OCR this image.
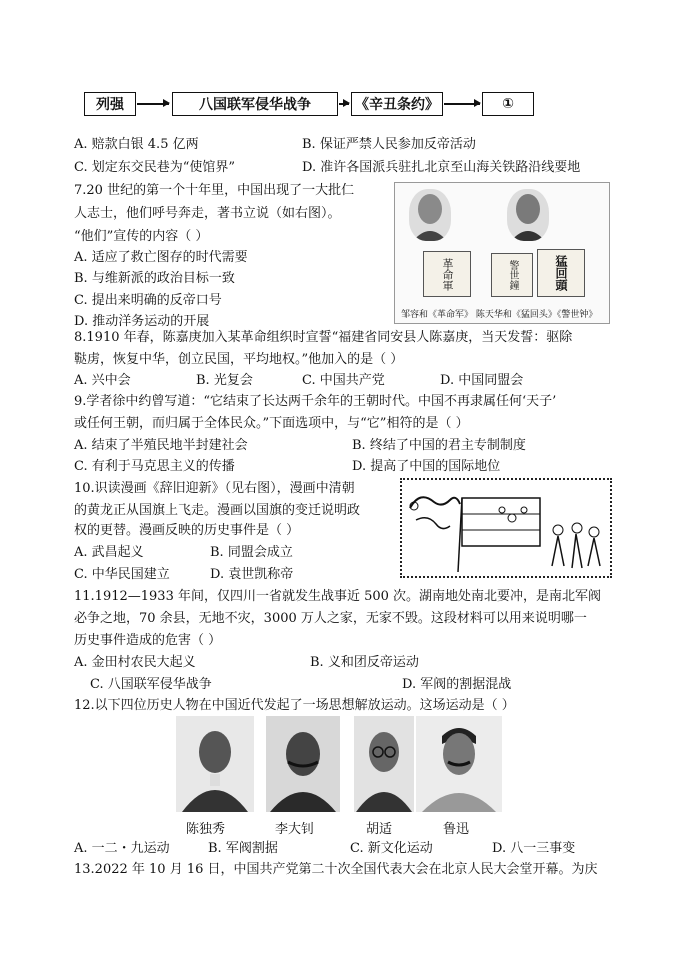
列强	八国联军侵华战争	《辛丑条约》	①
A. 赔款白银 4.5 亿两	B. 保证严禁人民参加反帝活动
C. 划定东交民巷为“使馆界”	D. 准许各国派兵驻扎北京至山海关铁路沿线要地
7.20 世纪的第一个十年里，中国出现了一大批仁
人志士，他们呼号奔走，著书立说（如右图）。
“他们”宣传的内容（ ）
A. 适应了救亡图存的时代需要
B. 与维新派的政治目标一致
C. 提出来明确的反帝口号
D. 推动洋务运动的开展
革命軍	警世鐘	猛回頭
邹容和《革命军》 陈天华和《猛回头》《警世钟》
8.1910 年春，陈嘉庚加入某革命组织时宣誓“福建省同安县人陈嘉庚，当天发誓：驱除
鞑虏，恢复中华，创立民国，平均地权。”他加入的是（ ）
A. 兴中会	B. 光复会	C. 中国共产党	D. 中国同盟会
9.学者徐中约曾写道：“它结束了长达两千余年的王朝时代。中国不再隶属任何‘天子’
或任何王朝，而归属于全体民众。”下面选项中，与“它”相符的是（ ）
A. 结束了半殖民地半封建社会	B. 终结了中国的君主专制制度
C. 有利于马克思主义的传播	D. 提高了中国的国际地位
10.识读漫画《辞旧迎新》（见右图），漫画中清朝
的黄龙正从国旗上飞走。漫画以国旗的变迁说明政
权的更替。漫画反映的历史事件是（ ）
A. 武昌起义	B. 同盟会成立
C. 中华民国建立	D. 袁世凯称帝
11.1912—1933 年间，仅四川一省就发生战事近 500 次。湖南地处南北要冲，是南北军阀
必争之地，70 余县，无地不灾，3000 万人之家，无家不毁。这段材料可以用来说明哪一
历史事件造成的危害（ ）
A. 金田村农民大起义	B. 义和团反帝运动
C. 八国联军侵华战争	D. 军阀的割据混战
12.以下四位历史人物在中国近代发起了一场思想解放运动。这场运动是（ ）
陈独秀	李大钊	胡适	鲁迅
A. 一二・九运动	B. 军阀割据	C. 新文化运动	D. 八一三事变
13.2022 年 10 月 16 日，中国共产党第二十次全国代表大会在北京人民大会堂开幕。为庆
